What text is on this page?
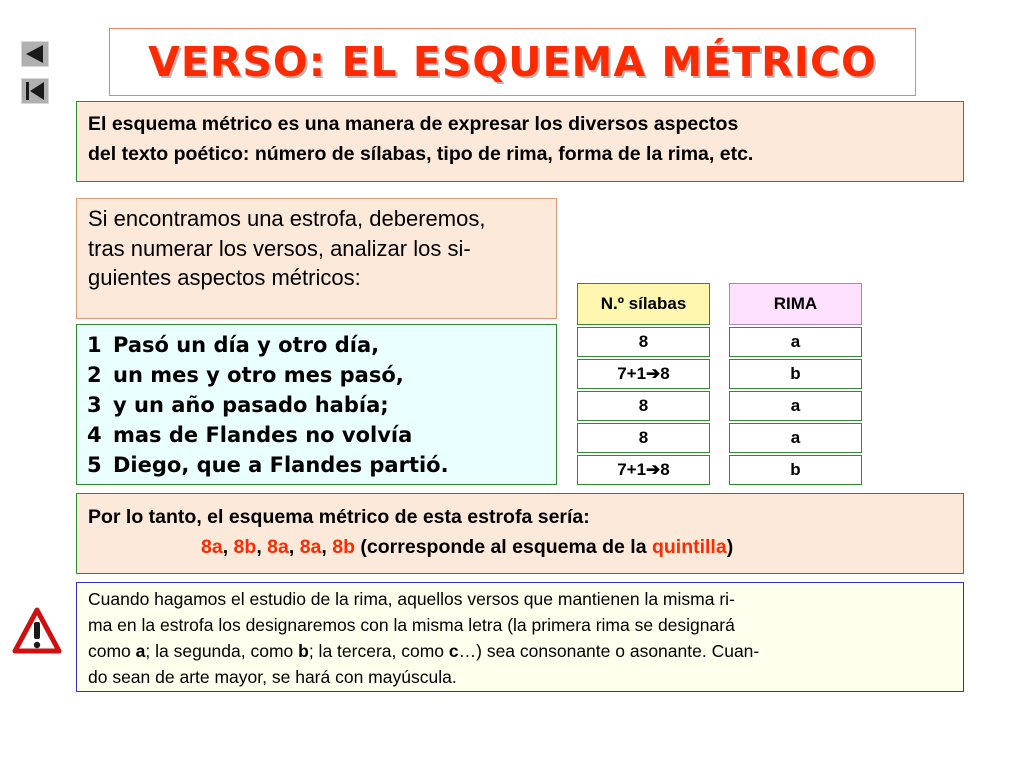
VERSO: EL ESQUEMA MÉTRICO
El esquema métrico es una manera de expresar los diversos aspectos
del texto poético: número de sílabas, tipo de rima, forma de la rima, etc.
Si encontramos una estrofa, deberemos,
tras numerar los versos, analizar los si-
guientes aspectos métricos:
1 Pasó un día y otro día,
2 un mes y otro mes pasó,
3 y un año pasado había;
4 mas de Flandes no volvía
5 Diego, que a Flandes partió.
N.º sílabas
8
7+1➔8
8
8
7+1➔8
RIMA
a
b
a
a
b
Por lo tanto, el esquema métrico de esta estrofa sería:
8a, 8b, 8a, 8a, 8b (corresponde al esquema de la quintilla)
Cuando hagamos el estudio de la rima, aquellos versos que mantienen la misma ri-
ma en la estrofa los designaremos con la misma letra (la primera rima se designará
como a; la segunda, como b; la tercera, como c…) sea consonante o asonante. Cuan-
do sean de arte mayor, se hará con mayúscula.
